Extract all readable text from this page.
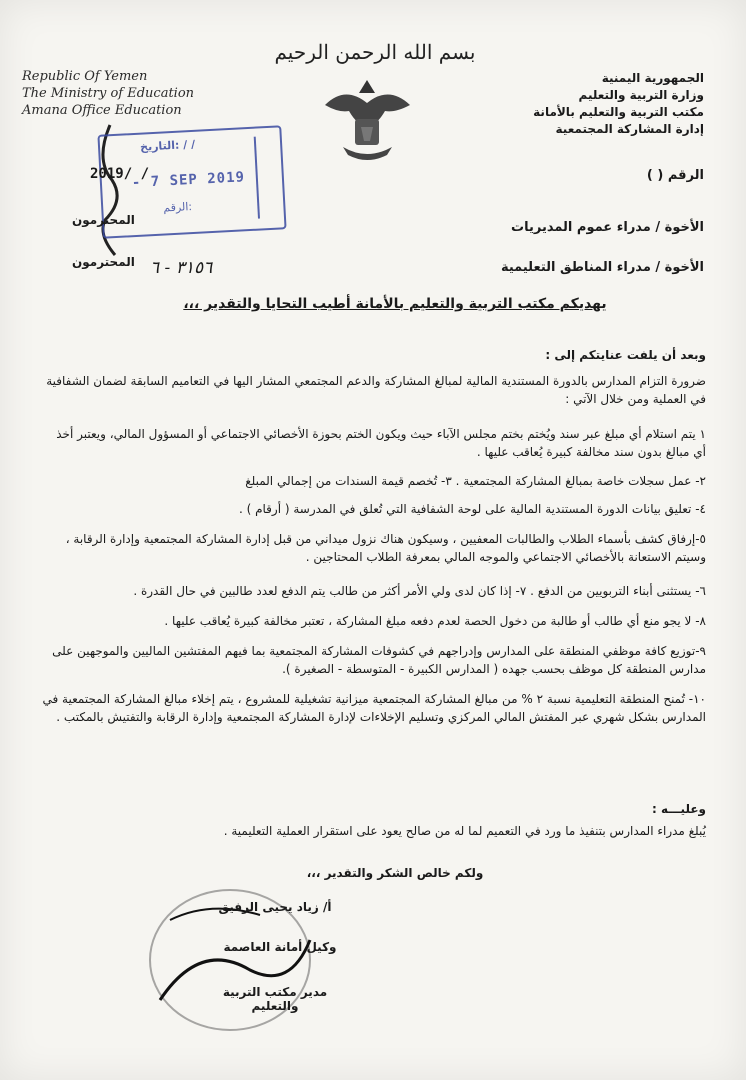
بسم الله الرحمن الرحيم
الجمهورية اليمنية
وزارة التربية والتعليم
مكتب التربية والتعليم بالأمانة
إدارة المشاركة المجتمعية
Republic Of Yemen
The Ministry of Education
Amana Office Education
الرقم ( )
التاريخ: / /
- 7 SEP 2019
الرقم:
2019/ /
المحترمون
المحترمون ٣١٥٦ - ٦
الأخوة / مدراء عموم المديريات
الأخوة / مدراء المناطق التعليمية
يهديكم مكتب التربية والتعليم بالأمانة أطيب التحايا والتقدير ،،،
وبعد أن يلفت عنايتكم إلى :
ضرورة التزام المدارس بالدورة المستندية المالية لمبالغ المشاركة والدعم المجتمعي المشار اليها في التعاميم السابقة لضمان الشفافية في العملية ومن خلال الآتي :
١ يتم استلام أي مبلغ عبر سند ويُختم بختم مجلس الآباء حيث ويكون الختم بحوزة الأخصائي الاجتماعي أو المسؤول المالي، ويعتبر أخذ أي مبالغ بدون سند مخالفة كبيرة يُعاقب عليها .
٢- عمل سجلات خاصة بمبالغ المشاركة المجتمعية . ٣- تُخصم قيمة السندات من إجمالي المبلغ
٤- تعليق بيانات الدورة المستندية المالية على لوحة الشفافية التي تُعلق في المدرسة ( أرقام ) .
٥-إرفاق كشف بأسماء الطلاب والطالبات المعفيين ، وسيكون هناك نزول ميداني من قبل إدارة المشاركة المجتمعية وإدارة الرقابة ، وسيتم الاستعانة بالأخصائي الاجتماعي والموجه المالي بمعرفة الطلاب المحتاجين .
٦- يستثنى أبناء التربويين من الدفع . ٧- إذا كان لدى ولي الأمر أكثر من طالب يتم الدفع لعدد طالبين في حال القدرة .
٨- لا يجو منع أي طالب أو طالبة من دخول الحصة لعدم دفعه مبلغ المشاركة ، تعتبر مخالفة كبيرة يُعاقب عليها .
٩-توزيع كافة موظفي المنطقة على المدارس وإدراجهم في كشوفات المشاركة المجتمعية بما فيهم المفتشين الماليين والموجهين على مدارس المنطقة كل موظف بحسب جهده ( المدارس الكبيرة - المتوسطة - الصغيرة ).
١٠- تُمنح المنطقة التعليمية نسبة ٢ % من مبالغ المشاركة المجتمعية ميزانية تشغيلية للمشروع ، يتم إخلاء مبالغ المشاركة المجتمعية في المدارس بشكل شهري عبر المفتش المالي المركزي وتسليم الإخلاءات لإدارة المشاركة المجتمعية وإدارة الرقابة والتفتيش بالمكتب .
وعليـــه :
يُبلغ مدراء المدارس بتنفيذ ما ورد في التعميم لما له من صالح يعود على استقرار العملية التعليمية .
ولكم خالص الشكر والتقدير ،،،
أ/ زياد يحيى الرفيق
وكيل أمانة العاصمة
مدير مكتب التربية والتعليم
